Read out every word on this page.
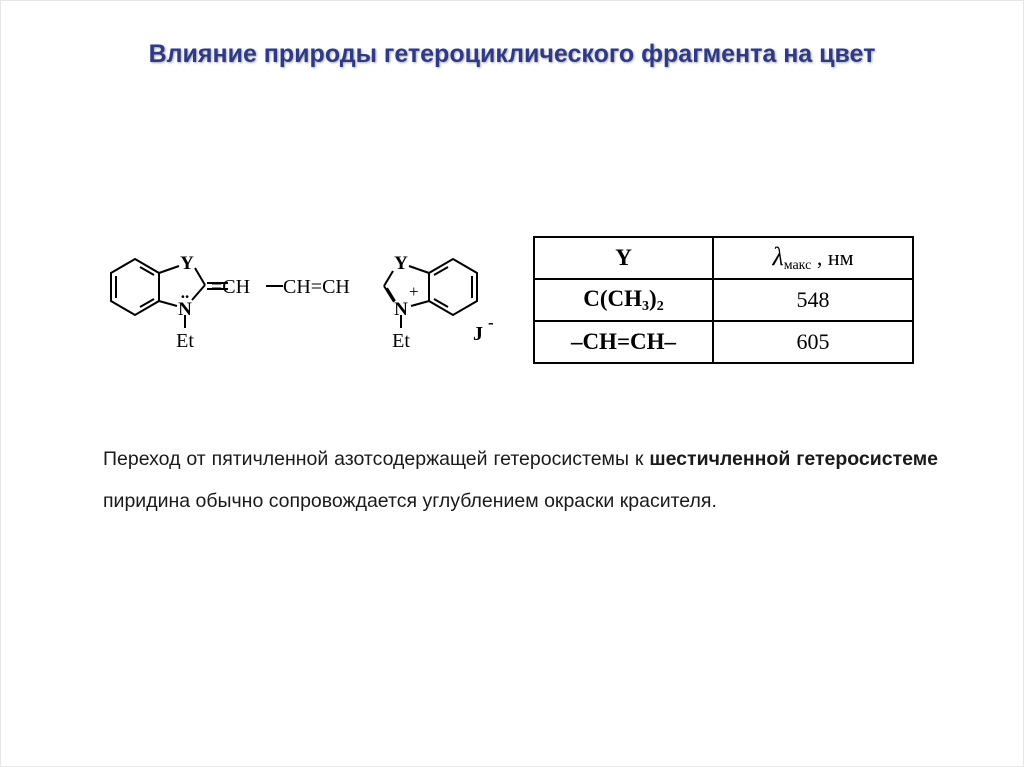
Влияние природы гетероциклического фрагмента на цвет
Y
..
N
Et
=CH CH=CH
Y
+
N
Et	J
-
Y	$\lambda_{макс}$ , нм
$C(CH_3)_2$	548
–CH=CH–	605
Переход от пятичленной азотсодержащей гетеросистемы к шестичленной гетеросистеме пиридина обычно сопровождается углублением окраски красителя.
